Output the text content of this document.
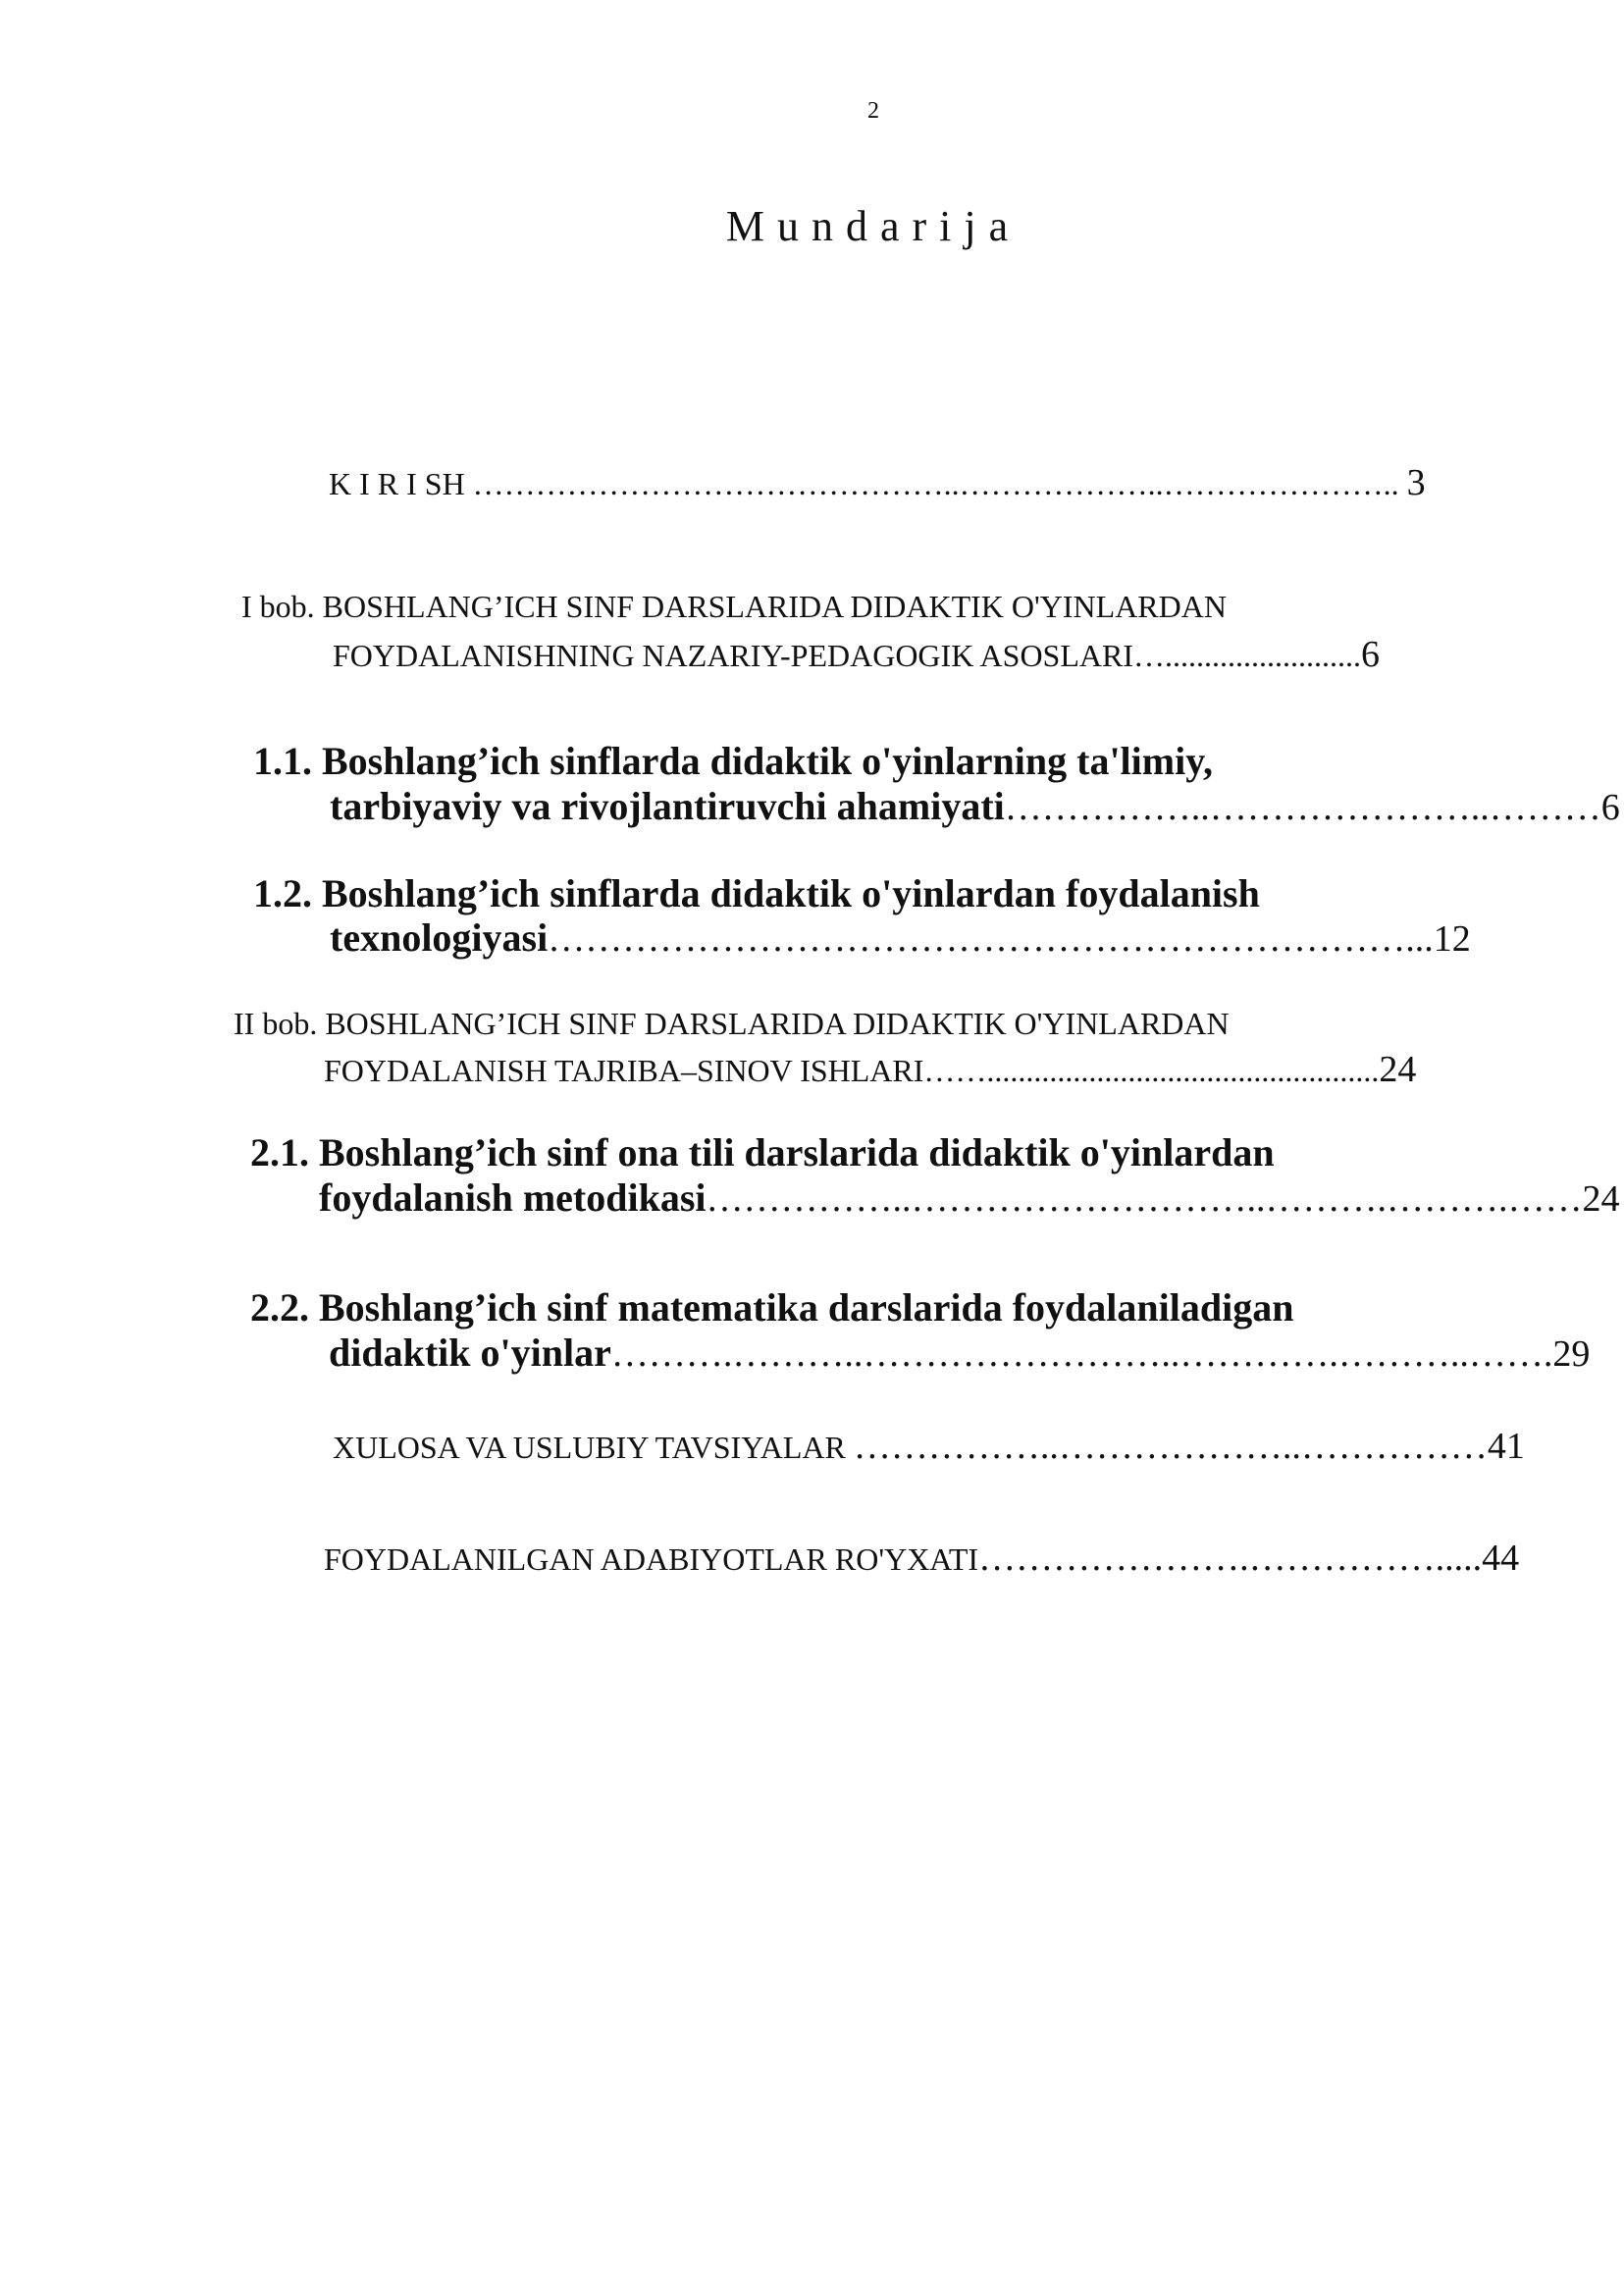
2
Mundarija
K I R I SH ………………………………………..………………..………………….. 3
I bob. BOSHLANG’ICH SINF DARSLARIDA DIDAKTIK O'YINLARDAN
FOYDALANISHNING NAZARIY-PEDAGOGIK ASOSLARI….........................6
1.1. Boshlang’ich sinflarda didaktik o'yinlarning ta'limiy,
tarbiyaviy va rivojlantiruvchi ahamiyati……………..…………………..………6
1.2. Boshlang’ich sinflarda didaktik o'yinlardan foydalanish
texnologiyasi……………………………………………………………...12
II bob. BOSHLANG’ICH SINF DARSLARIDA DIDAKTIK O'YINLARDAN
FOYDALANISH TAJRIBA–SINOV ISHLARI……..................................................24
2.1. Boshlang’ich sinf ona tili darslarida didaktik o'yinlardan
foydalanish metodikasi……………..………………………..……….……….……24
2.2. Boshlang’ich sinf matematika darslarida foydalaniladigan
didaktik o'yinlar……….………..……………………..………….………..…….29
XULOSA VA USLUBIY TAVSIYALAR ……………..………………..……………41
FOYDALANILGAN ADABIYOTLAR RO'YXATI………………….…………….....44
